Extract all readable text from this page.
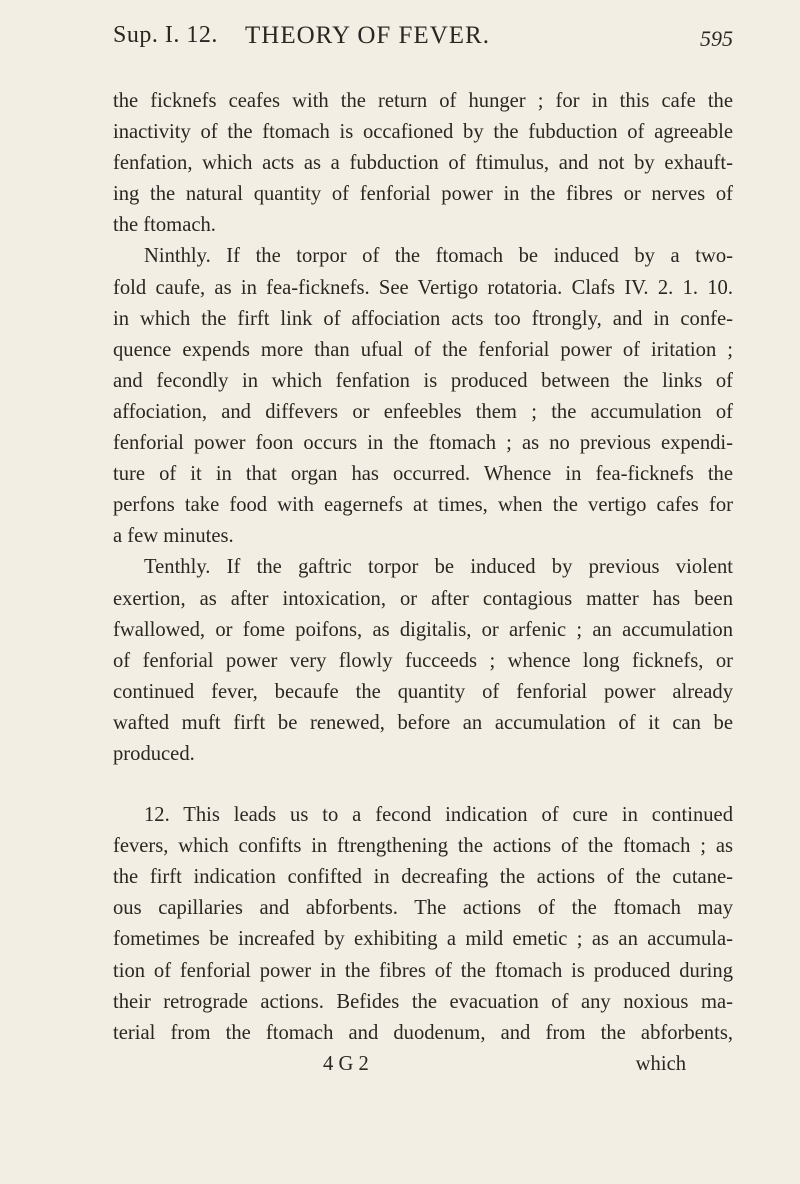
Sup. I. 12. THEORY OF FEVER.	595
the ficknefs ceafes with the return of hunger ; for in this cafe the
inactivity of the ftomach is occafioned by the fubduction of agreeable
fenfation, which acts as a fubduction of ftimulus, and not by exhauft-
ing the natural quantity of fenforial power in the fibres or nerves of
the ftomach.
Ninthly. If the torpor of the ftomach be induced by a two-
fold caufe, as in fea-ficknefs. See Vertigo rotatoria. Clafs IV. 2. 1. 10.
in which the firft link of affociation acts too ftrongly, and in confe-
quence expends more than ufual of the fenforial power of iritation ;
and fecondly in which fenfation is produced between the links of
affociation, and diffevers or enfeebles them ; the accumulation of
fenforial power foon occurs in the ftomach ; as no previous expendi-
ture of it in that organ has occurred. Whence in fea-ficknefs the
perfons take food with eagernefs at times, when the vertigo cafes for
a few minutes.
Tenthly. If the gaftric torpor be induced by previous violent
exertion, as after intoxication, or after contagious matter has been
fwallowed, or fome poifons, as digitalis, or arfenic ; an accumulation
of fenforial power very flowly fucceeds ; whence long ficknefs, or
continued fever, becaufe the quantity of fenforial power already
wafted muft firft be renewed, before an accumulation of it can be
produced.
12. This leads us to a fecond indication of cure in continued
fevers, which confifts in ftrengthening the actions of the ftomach ; as
the firft indication confifted in decreafing the actions of the cutane-
ous capillaries and abforbents. The actions of the ftomach may
fometimes be increafed by exhibiting a mild emetic ; as an accumula-
tion of fenforial power in the fibres of the ftomach is produced during
their retrograde actions. Befides the evacuation of any noxious ma-
terial from the ftomach and duodenum, and from the abforbents,
4 G 2	which
